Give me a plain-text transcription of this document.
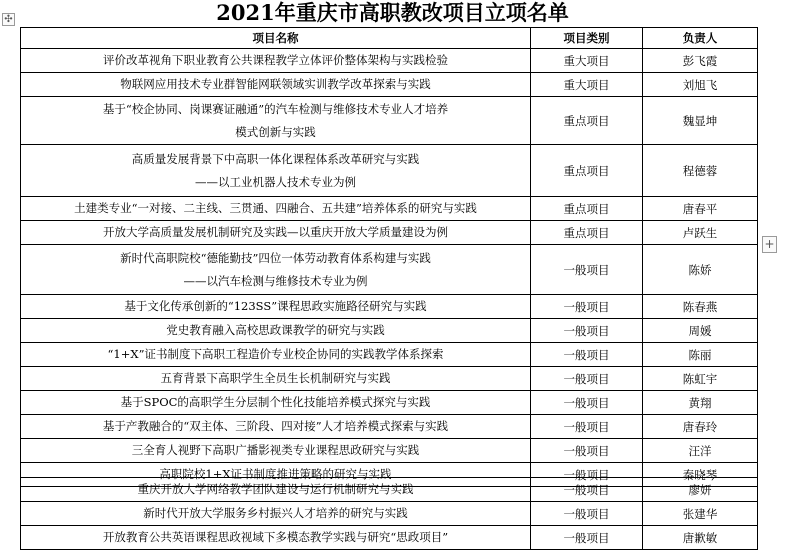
✣
+
2021年重庆市高职教改项目立项名单
项目名称	项目类别	负责人

评价改革视角下职业教育公共课程教学立体评价整体架构与实践检验	重大项目	彭飞霞

物联网应用技术专业群智能网联领域实训教学改革探索与实践	重大项目	刘旭飞

基于“校企协同、岗课赛证融通”的汽车检测与维修技术专业人才培养
模式创新与实践	重点项目	魏显坤

高质量发展背景下中高职一体化课程体系改革研究与实践
——以工业机器人技术专业为例	重点项目	程德蓉

土建类专业“一对接、二主线、三贯通、四融合、五共建”培养体系的研究与实践	重点项目	唐春平

开放大学高质量发展机制研究及实践—以重庆开放大学质量建设为例	重点项目	卢跃生

新时代高职院校“德能勤技”四位一体劳动教育体系构建与实践
——以汽车检测与维修技术专业为例	一般项目	陈娇

基于文化传承创新的“123SS”课程思政实施路径研究与实践	一般项目	陈春燕

党史教育融入高校思政课教学的研究与实践	一般项目	周媛

“1+X”证书制度下高职工程造价专业校企协同的实践教学体系探索	一般项目	陈丽

五育背景下高职学生全员生长机制研究与实践	一般项目	陈虹宇

基于SPOC的高职学生分层制个性化技能培养模式探究与实践	一般项目	黄翔

基于产教融合的“双主体、三阶段、四对接”人才培养模式探索与实践	一般项目	唐春玲

三全育人视野下高职广播影视类专业课程思政研究与实践	一般项目	汪洋

高职院校1+X证书制度推进策略的研究与实践	一般项目	秦晓琴
重庆开放大学网络教学团队建设与运行机制研究与实践	一般项目	廖妍

新时代开放大学服务乡村振兴人才培养的研究与实践	一般项目	张建华

开放教育公共英语课程思政视域下多模态教学实践与研究“思政项目”	一般项目	唐歉敏
